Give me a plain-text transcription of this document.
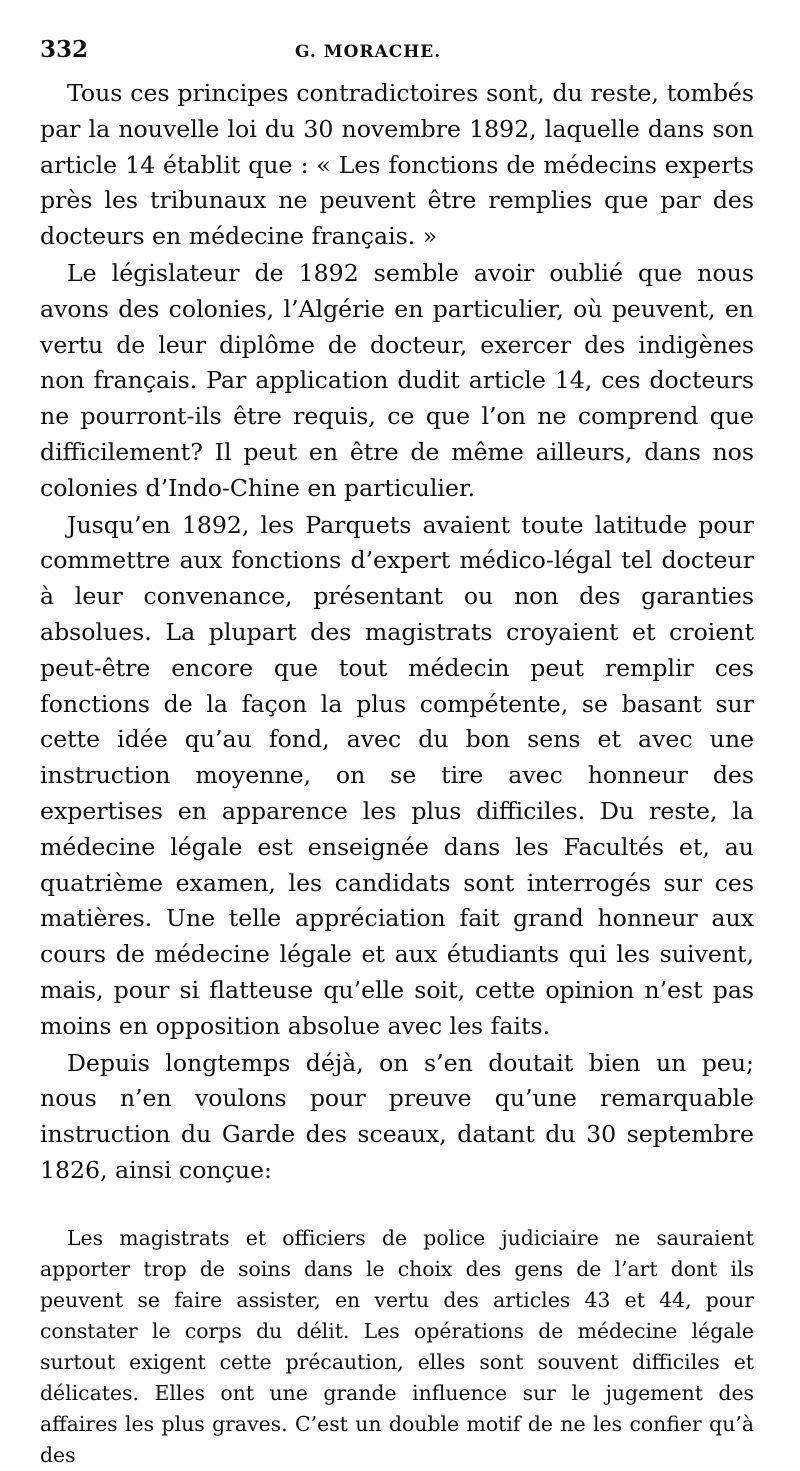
332	G. MORACHE.

Tous ces principes contradictoires sont, du reste, tombés par la nouvelle loi du 30 novembre 1892, laquelle dans son article 14 établit que : « Les fonctions de médecins experts près les tribunaux ne peuvent être remplies que par des docteurs en médecine français. »

Le législateur de 1892 semble avoir oublié que nous avons des colonies, l’Algérie en particulier, où peuvent, en vertu de leur diplôme de docteur, exercer des indigènes non français. Par application dudit article 14, ces docteurs ne pourront-ils être requis, ce que l’on ne comprend que difficilement? Il peut en être de même ailleurs, dans nos colonies d’Indo-Chine en particulier.

Jusqu’en 1892, les Parquets avaient toute latitude pour commettre aux fonctions d’expert médico-légal tel docteur à leur convenance, présentant ou non des garanties absolues. La plupart des magistrats croyaient et croient peut-être encore que tout médecin peut remplir ces fonctions de la façon la plus compétente, se basant sur cette idée qu’au fond, avec du bon sens et avec une instruction moyenne, on se tire avec honneur des expertises en apparence les plus difficiles. Du reste, la médecine légale est enseignée dans les Facultés et, au quatrième examen, les candidats sont interrogés sur ces matières. Une telle appréciation fait grand honneur aux cours de médecine légale et aux étudiants qui les suivent, mais, pour si flatteuse qu’elle soit, cette opinion n’est pas moins en opposition absolue avec les faits.

Depuis longtemps déjà, on s’en doutait bien un peu; nous n’en voulons pour preuve qu’une remarquable instruction du Garde des sceaux, datant du 30 septembre 1826, ainsi conçue:

Les magistrats et officiers de police judiciaire ne sauraient apporter trop de soins dans le choix des gens de l’art dont ils peuvent se faire assister, en vertu des articles 43 et 44, pour constater le corps du délit. Les opérations de médecine légale surtout exigent cette précaution, elles sont souvent difficiles et délicates. Elles ont une grande influence sur le jugement des affaires les plus graves. C’est un double motif de ne les confier qu’à des
